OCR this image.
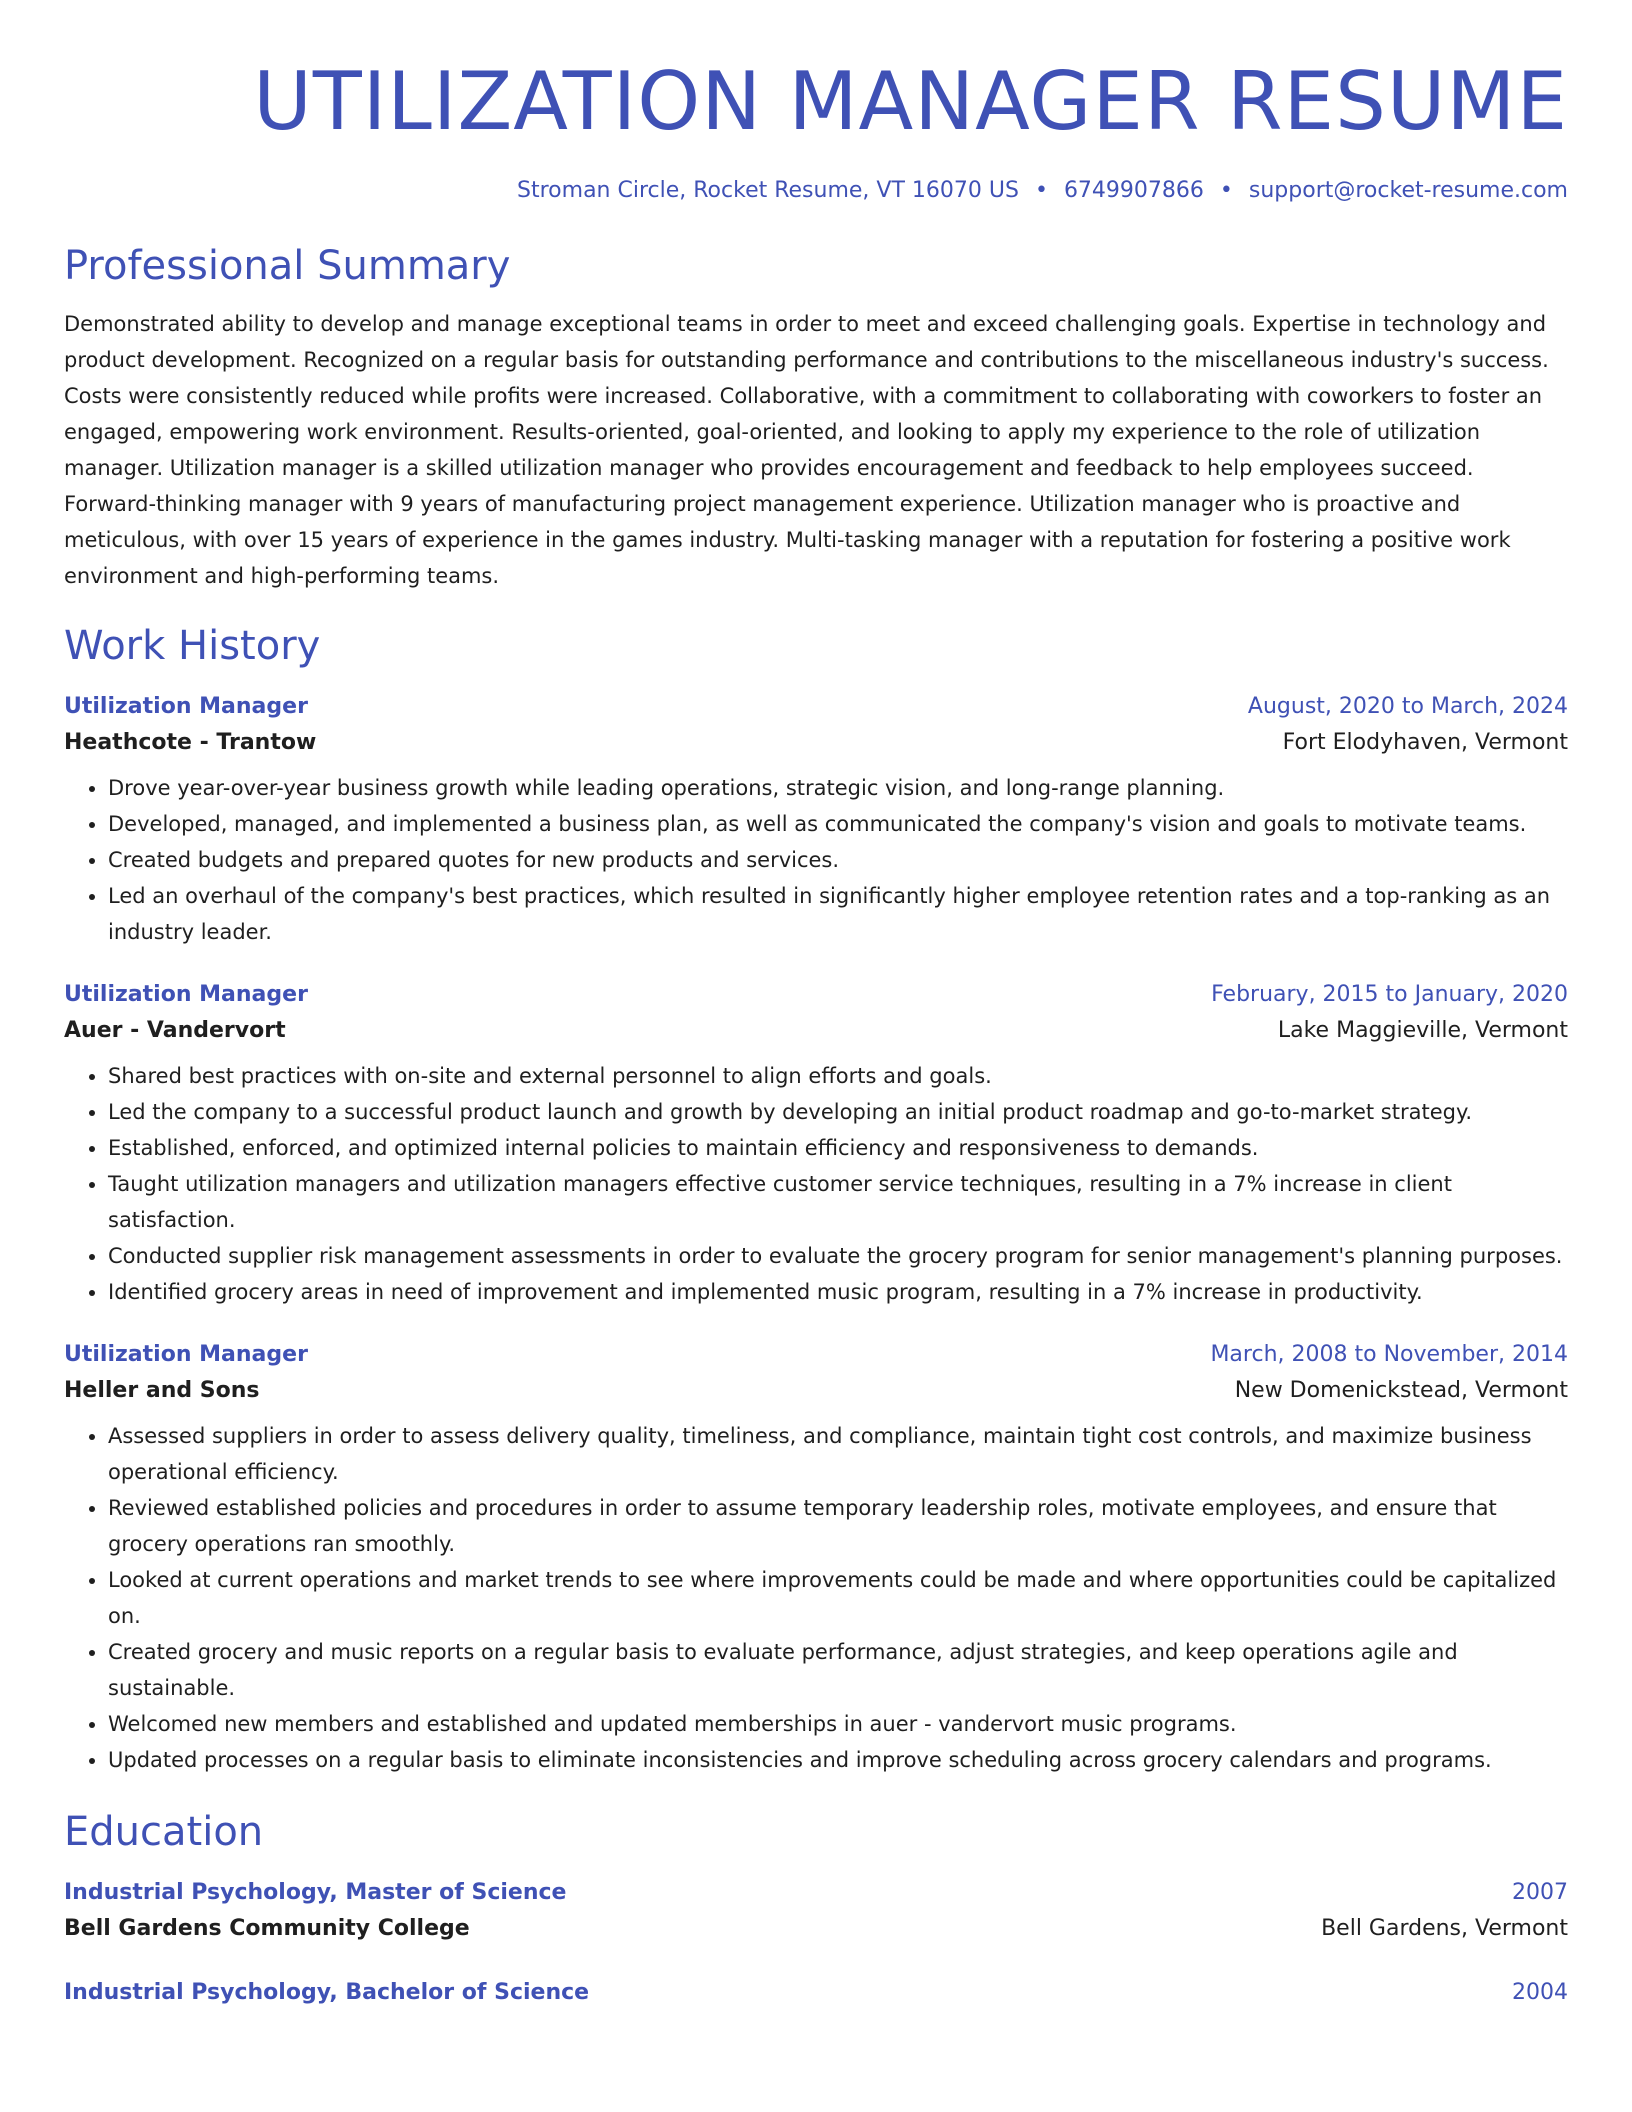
UTILIZATION MANAGER RESUME
Stroman Circle, Rocket Resume, VT 16070 US • 6749907866 • support@rocket-resume.com
Professional Summary
Demonstrated ability to develop and manage exceptional teams in order to meet and exceed challenging goals. Expertise in technology and product development. Recognized on a regular basis for outstanding performance and contributions to the miscellaneous industry's success. Costs were consistently reduced while profits were increased. Collaborative, with a commitment to collaborating with coworkers to foster an engaged, empowering work environment. Results-oriented, goal-oriented, and looking to apply my experience to the role of utilization manager. Utilization manager is a skilled utilization manager who provides encouragement and feedback to help employees succeed. Forward-thinking manager with 9 years of manufacturing project management experience. Utilization manager who is proactive and meticulous, with over 15 years of experience in the games industry. Multi-tasking manager with a reputation for fostering a positive work environment and high-performing teams.
Work History
Utilization Manager	August, 2020 to March, 2024
Heathcote - Trantow	Fort Elodyhaven, Vermont
• Drove year-over-year business growth while leading operations, strategic vision, and long-range planning.
• Developed, managed, and implemented a business plan, as well as communicated the company's vision and goals to motivate teams.
• Created budgets and prepared quotes for new products and services.
• Led an overhaul of the company's best practices, which resulted in significantly higher employee retention rates and a top-ranking as an industry leader.
Utilization Manager	February, 2015 to January, 2020
Auer - Vandervort	Lake Maggieville, Vermont
• Shared best practices with on-site and external personnel to align efforts and goals.
• Led the company to a successful product launch and growth by developing an initial product roadmap and go-to-market strategy.
• Established, enforced, and optimized internal policies to maintain efficiency and responsiveness to demands.
• Taught utilization managers and utilization managers effective customer service techniques, resulting in a 7% increase in client satisfaction.
• Conducted supplier risk management assessments in order to evaluate the grocery program for senior management's planning purposes.
• Identified grocery areas in need of improvement and implemented music program, resulting in a 7% increase in productivity.
Utilization Manager	March, 2008 to November, 2014
Heller and Sons	New Domenickstead, Vermont
• Assessed suppliers in order to assess delivery quality, timeliness, and compliance, maintain tight cost controls, and maximize business operational efficiency.
• Reviewed established policies and procedures in order to assume temporary leadership roles, motivate employees, and ensure that grocery operations ran smoothly.
• Looked at current operations and market trends to see where improvements could be made and where opportunities could be capitalized on.
• Created grocery and music reports on a regular basis to evaluate performance, adjust strategies, and keep operations agile and sustainable.
• Welcomed new members and established and updated memberships in auer - vandervort music programs.
• Updated processes on a regular basis to eliminate inconsistencies and improve scheduling across grocery calendars and programs.
Education
Industrial Psychology, Master of Science	2007
Bell Gardens Community College	Bell Gardens, Vermont
Industrial Psychology, Bachelor of Science	2004
